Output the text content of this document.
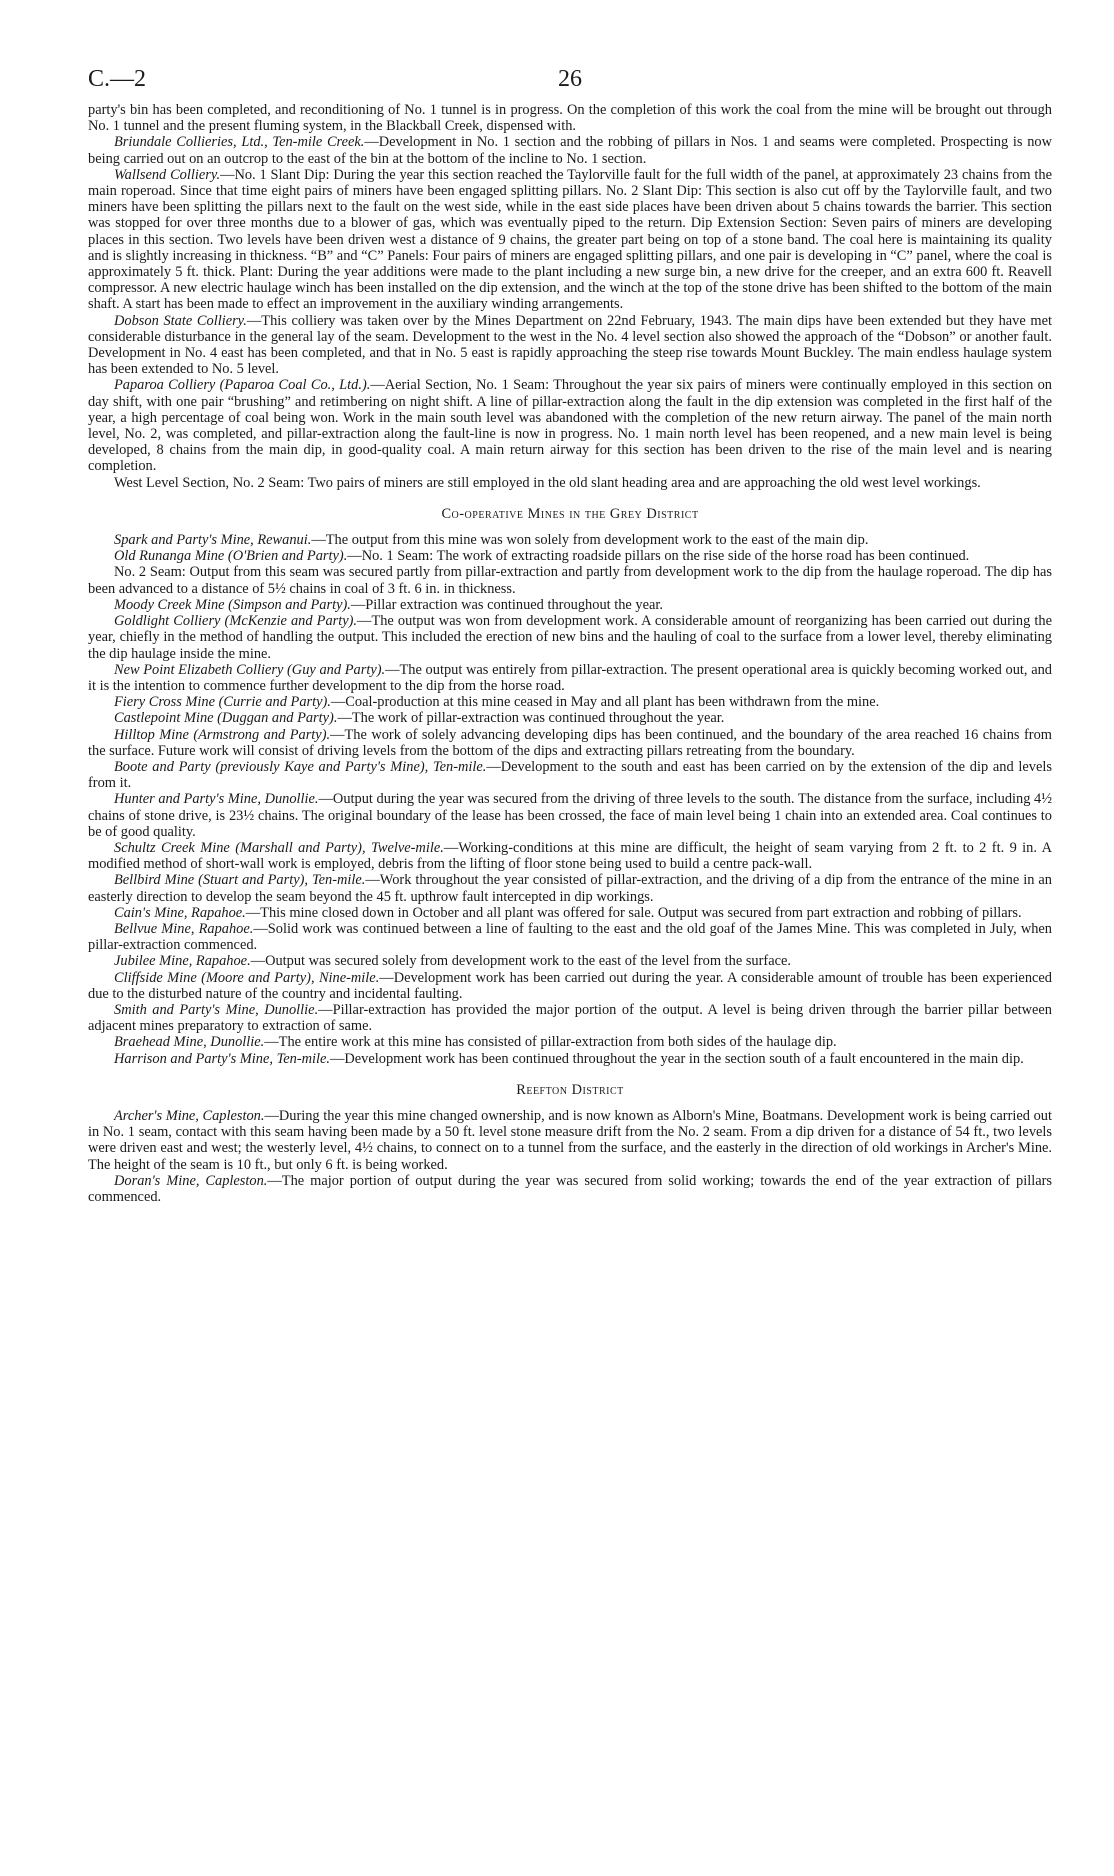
C.—2	26

party's bin has been completed, and reconditioning of No. 1 tunnel is in progress. On the completion of this work the coal from the mine will be brought out through No. 1 tunnel and the present fluming system, in the Blackball Creek, dispensed with.

Briundale Collieries, Ltd., Ten-mile Creek.—Development in No. 1 section and the robbing of pillars in Nos. 1 and seams were completed. Prospecting is now being carried out on an outcrop to the east of the bin at the bottom of the incline to No. 1 section.

Wallsend Colliery.—No. 1 Slant Dip: During the year this section reached the Taylorville fault for the full width of the panel, at approximately 23 chains from the main roperoad. Since that time eight pairs of miners have been engaged splitting pillars. No. 2 Slant Dip: This section is also cut off by the Taylorville fault, and two miners have been splitting the pillars next to the fault on the west side, while in the east side places have been driven about 5 chains towards the barrier. This section was stopped for over three months due to a blower of gas, which was eventually piped to the return. Dip Extension Section: Seven pairs of miners are developing places in this section. Two levels have been driven west a distance of 9 chains, the greater part being on top of a stone band. The coal here is maintaining its quality and is slightly increasing in thickness. “B” and “C” Panels: Four pairs of miners are engaged splitting pillars, and one pair is developing in “C” panel, where the coal is approximately 5 ft. thick. Plant: During the year additions were made to the plant including a new surge bin, a new drive for the creeper, and an extra 600 ft. Reavell compressor. A new electric haulage winch has been installed on the dip extension, and the winch at the top of the stone drive has been shifted to the bottom of the main shaft. A start has been made to effect an improvement in the auxiliary winding arrangements.

Dobson State Colliery.—This colliery was taken over by the Mines Department on 22nd February, 1943. The main dips have been extended but they have met considerable disturbance in the general lay of the seam. Development to the west in the No. 4 level section also showed the approach of the “Dobson” or another fault. Development in No. 4 east has been completed, and that in No. 5 east is rapidly approaching the steep rise towards Mount Buckley. The main endless haulage system has been extended to No. 5 level.

Paparoa Colliery (Paparoa Coal Co., Ltd.).—Aerial Section, No. 1 Seam: Throughout the year six pairs of miners were continually employed in this section on day shift, with one pair “brushing” and retimbering on night shift. A line of pillar-extraction along the fault in the dip extension was completed in the first half of the year, a high percentage of coal being won. Work in the main south level was abandoned with the completion of the new return airway. The panel of the main north level, No. 2, was completed, and pillar-extraction along the fault-line is now in progress. No. 1 main north level has been reopened, and a new main level is being developed, 8 chains from the main dip, in good-quality coal. A main return airway for this section has been driven to the rise of the main level and is nearing completion.

West Level Section, No. 2 Seam: Two pairs of miners are still employed in the old slant heading area and are approaching the old west level workings.

Co-operative Mines in the Grey District

Spark and Party's Mine, Rewanui.—The output from this mine was won solely from development work to the east of the main dip.

Old Runanga Mine (O'Brien and Party).—No. 1 Seam: The work of extracting roadside pillars on the rise side of the horse road has been continued.

No. 2 Seam: Output from this seam was secured partly from pillar-extraction and partly from development work to the dip from the haulage roperoad. The dip has been advanced to a distance of 5½ chains in coal of 3 ft. 6 in. in thickness.

Moody Creek Mine (Simpson and Party).—Pillar extraction was continued throughout the year.

Goldlight Colliery (McKenzie and Party).—The output was won from development work. A considerable amount of reorganizing has been carried out during the year, chiefly in the method of handling the output. This included the erection of new bins and the hauling of coal to the surface from a lower level, thereby eliminating the dip haulage inside the mine.

New Point Elizabeth Colliery (Guy and Party).—The output was entirely from pillar-extraction. The present operational area is quickly becoming worked out, and it is the intention to commence further development to the dip from the horse road.

Fiery Cross Mine (Currie and Party).—Coal-production at this mine ceased in May and all plant has been withdrawn from the mine.

Castlepoint Mine (Duggan and Party).—The work of pillar-extraction was continued throughout the year.

Hilltop Mine (Armstrong and Party).—The work of solely advancing developing dips has been continued, and the boundary of the area reached 16 chains from the surface. Future work will consist of driving levels from the bottom of the dips and extracting pillars retreating from the boundary.

Boote and Party (previously Kaye and Party's Mine), Ten-mile.—Development to the south and east has been carried on by the extension of the dip and levels from it.

Hunter and Party's Mine, Dunollie.—Output during the year was secured from the driving of three levels to the south. The distance from the surface, including 4½ chains of stone drive, is 23½ chains. The original boundary of the lease has been crossed, the face of main level being 1 chain into an extended area. Coal continues to be of good quality.

Schultz Creek Mine (Marshall and Party), Twelve-mile.—Working-conditions at this mine are difficult, the height of seam varying from 2 ft. to 2 ft. 9 in. A modified method of short-wall work is employed, debris from the lifting of floor stone being used to build a centre pack-wall.

Bellbird Mine (Stuart and Party), Ten-mile.—Work throughout the year consisted of pillar-extraction, and the driving of a dip from the entrance of the mine in an easterly direction to develop the seam beyond the 45 ft. upthrow fault intercepted in dip workings.

Cain's Mine, Rapahoe.—This mine closed down in October and all plant was offered for sale. Output was secured from part extraction and robbing of pillars.

Bellvue Mine, Rapahoe.—Solid work was continued between a line of faulting to the east and the old goaf of the James Mine. This was completed in July, when pillar-extraction commenced.

Jubilee Mine, Rapahoe.—Output was secured solely from development work to the east of the level from the surface.

Cliffside Mine (Moore and Party), Nine-mile.—Development work has been carried out during the year. A considerable amount of trouble has been experienced due to the disturbed nature of the country and incidental faulting.

Smith and Party's Mine, Dunollie.—Pillar-extraction has provided the major portion of the output. A level is being driven through the barrier pillar between adjacent mines preparatory to extraction of same.

Braehead Mine, Dunollie.—The entire work at this mine has consisted of pillar-extraction from both sides of the haulage dip.

Harrison and Party's Mine, Ten-mile.—Development work has been continued throughout the year in the section south of a fault encountered in the main dip.

Reefton District

Archer's Mine, Capleston.—During the year this mine changed ownership, and is now known as Alborn's Mine, Boatmans. Development work is being carried out in No. 1 seam, contact with this seam having been made by a 50 ft. level stone measure drift from the No. 2 seam. From a dip driven for a distance of 54 ft., two levels were driven east and west; the westerly level, 4½ chains, to connect on to a tunnel from the surface, and the easterly in the direction of old workings in Archer's Mine. The height of the seam is 10 ft., but only 6 ft. is being worked.

Doran's Mine, Capleston.—The major portion of output during the year was secured from solid working; towards the end of the year extraction of pillars commenced.
